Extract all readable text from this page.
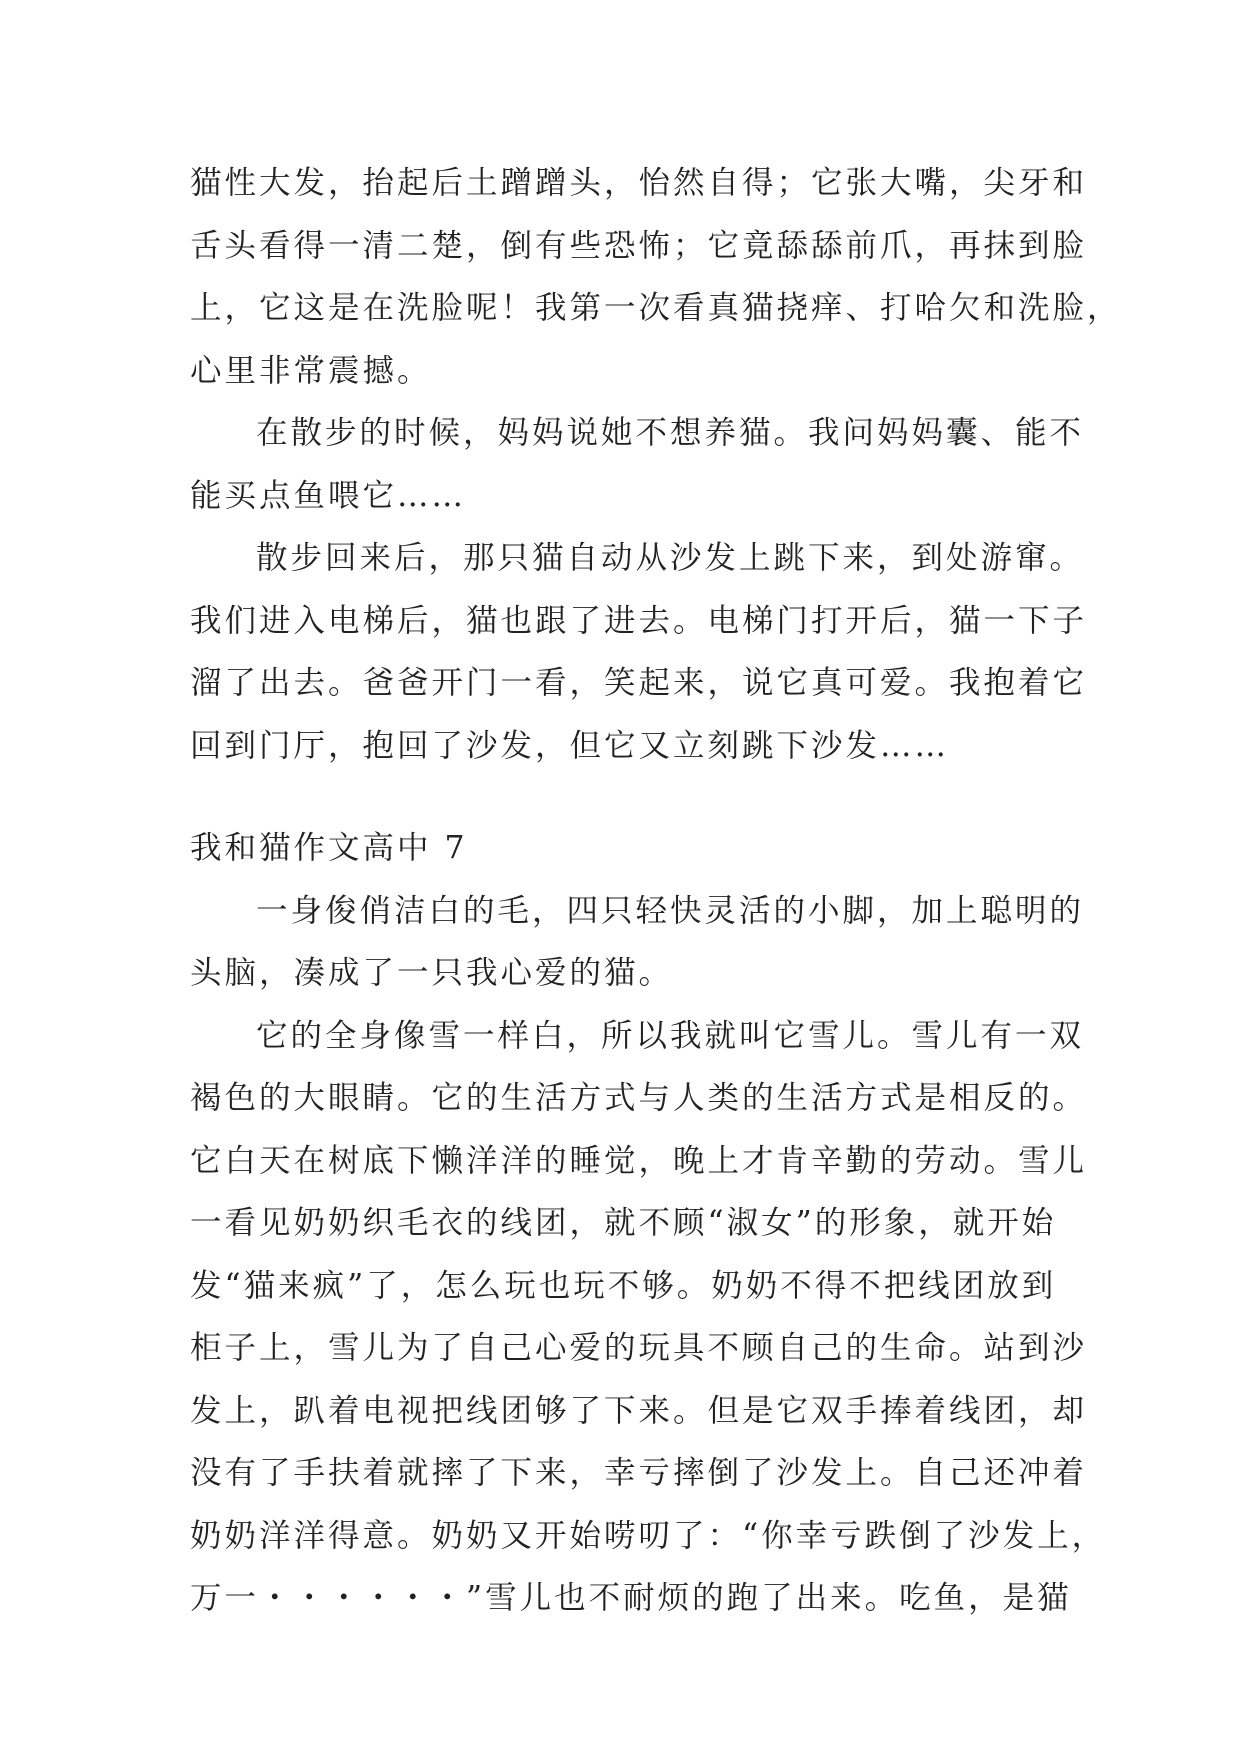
猫性大发，抬起后土蹭蹭头，怡然自得；它张大嘴，尖牙和
舌头看得一清二楚，倒有些恐怖；它竟舔舔前爪，再抹到脸
上，它这是在洗脸呢！我第一次看真猫挠痒、打哈欠和洗脸，
心里非常震撼。

在散步的时候，妈妈说她不想养猫。我问妈妈囊、能不
能买点鱼喂它……

散步回来后，那只猫自动从沙发上跳下来，到处游窜。
我们进入电梯后，猫也跟了进去。电梯门打开后，猫一下子
溜了出去。爸爸开门一看，笑起来，说它真可爱。我抱着它
回到门厅，抱回了沙发，但它又立刻跳下沙发……

我和猫作文高中 7

一身俊俏洁白的毛，四只轻快灵活的小脚，加上聪明的
头脑，凑成了一只我心爱的猫。

它的全身像雪一样白，所以我就叫它雪儿。雪儿有一双
褐色的大眼睛。它的生活方式与人类的生活方式是相反的。
它白天在树底下懒洋洋的睡觉，晚上才肯辛勤的劳动。雪儿
一看见奶奶织毛衣的线团，就不顾“淑女”的形象，就开始
发“猫来疯”了，怎么玩也玩不够。奶奶不得不把线团放到
柜子上，雪儿为了自己心爱的玩具不顾自己的生命。站到沙
发上，趴着电视把线团够了下来。但是它双手捧着线团，却
没有了手扶着就摔了下来，幸亏摔倒了沙发上。自己还冲着
奶奶洋洋得意。奶奶又开始唠叨了：“你幸亏跌倒了沙发上，
万一・・・・・・”雪儿也不耐烦的跑了出来。吃鱼，是猫
